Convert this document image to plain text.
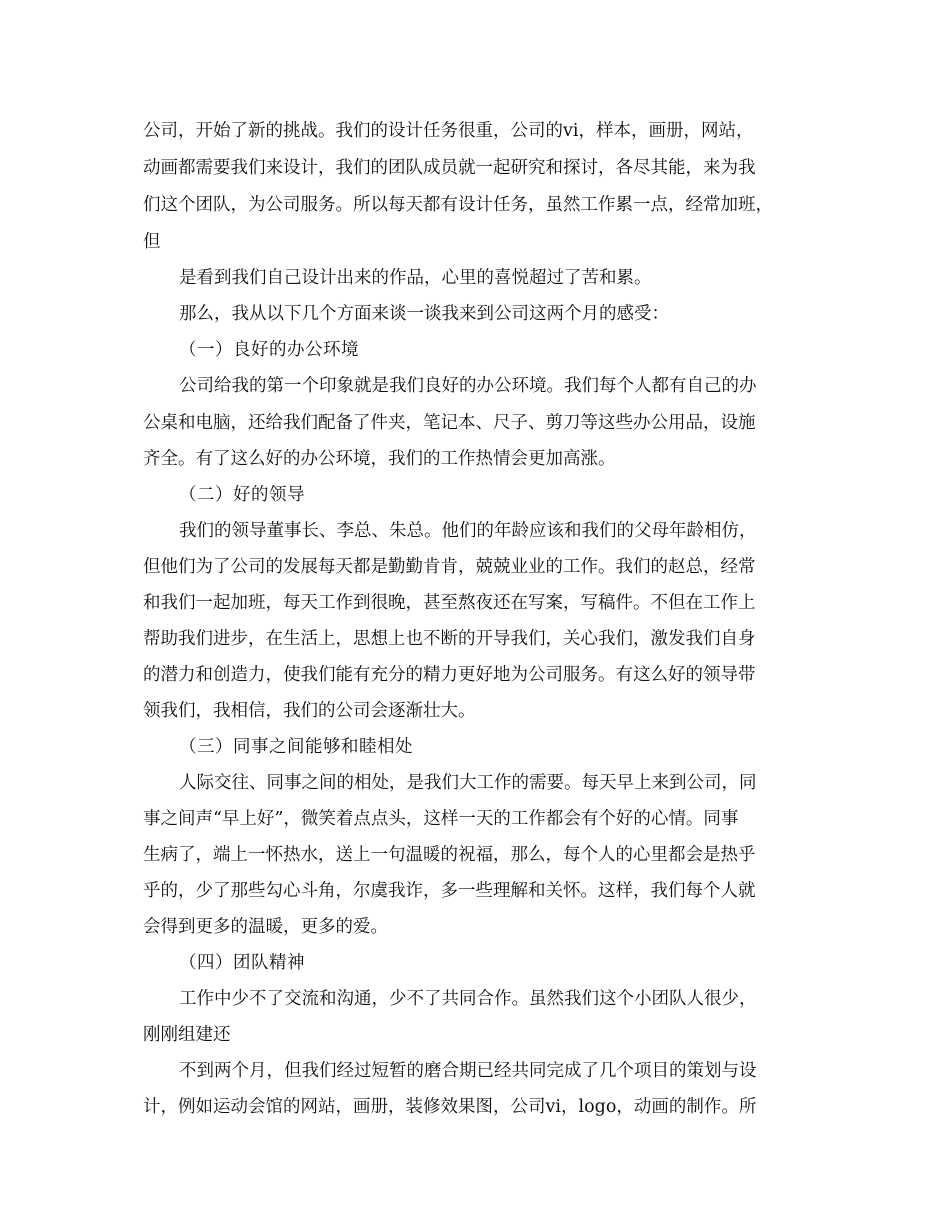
公司，开始了新的挑战。我们的设计任务很重，公司的vi，样本，画册，网站，
动画都需要我们来设计，我们的团队成员就一起研究和探讨，各尽其能，来为我
们这个团队，为公司服务。所以每天都有设计任务，虽然工作累一点，经常加班，
但
是看到我们自己设计出来的作品，心里的喜悦超过了苦和累。
那么，我从以下几个方面来谈一谈我来到公司这两个月的感受：
（一）良好的办公环境
公司给我的第一个印象就是我们良好的办公环境。我们每个人都有自己的办
公桌和电脑，还给我们配备了件夹，笔记本、尺子、剪刀等这些办公用品，设施
齐全。有了这么好的办公环境，我们的工作热情会更加高涨。
（二）好的领导
我们的领导董事长、李总、朱总。他们的年龄应该和我们的父母年龄相仿，
但他们为了公司的发展每天都是勤勤肯肯，兢兢业业的工作。我们的赵总，经常
和我们一起加班，每天工作到很晚，甚至熬夜还在写案，写稿件。不但在工作上
帮助我们进步，在生活上，思想上也不断的开导我们，关心我们，激发我们自身
的潜力和创造力，使我们能有充分的精力更好地为公司服务。有这么好的领导带
领我们，我相信，我们的公司会逐渐壮大。
（三）同事之间能够和睦相处
人际交往、同事之间的相处，是我们大工作的需要。每天早上来到公司，同
事之间声“早上好”，微笑着点点头，这样一天的工作都会有个好的心情。同事
生病了，端上一怀热水，送上一句温暖的祝福，那么，每个人的心里都会是热乎
乎的，少了那些勾心斗角，尔虞我诈，多一些理解和关怀。这样，我们每个人就
会得到更多的温暖，更多的爱。
（四）团队精神
工作中少不了交流和沟通，少不了共同合作。虽然我们这个小团队人很少，
刚刚组建还
不到两个月，但我们经过短暂的磨合期已经共同完成了几个项目的策划与设
计，例如运动会馆的网站，画册，装修效果图，公司vi，logo，动画的制作。所
